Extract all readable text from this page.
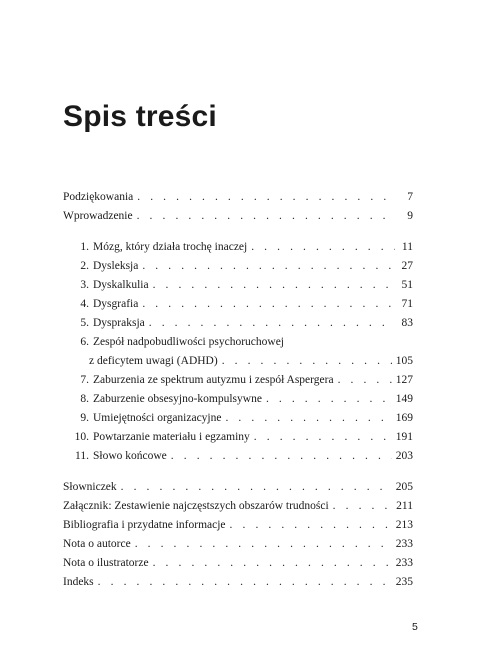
Spis treści
Podziękowania . . .	7
Wprowadzenie . . .	9
1. Mózg, który działa trochę inaczej . . .	11
2. Dysleksja . . .	27
3. Dyskalkulia . . .	51
4. Dysgrafia . . .	71
5. Dyspraksja . . .	83
6. Zespół nadpobudliwości psychoruchowej
z deficytem uwagi (ADHD) . . .	105
7. Zaburzenia ze spektrum autyzmu i zespół Aspergera . . .	127
8. Zaburzenie obsesyjno-kompulsywne . . .	149
9. Umiejętności organizacyjne . . .	169
10. Powtarzanie materiału i egzaminy . . .	191
11. Słowo końcowe . . .	203
Słowniczek . . .	205
Załącznik: Zestawienie najczęstszych obszarów trudności . . .	211
Bibliografia i przydatne informacje . . .	213
Nota o autorce . . .	233
Nota o ilustratorze . . .	233
Indeks . . .	235
5
